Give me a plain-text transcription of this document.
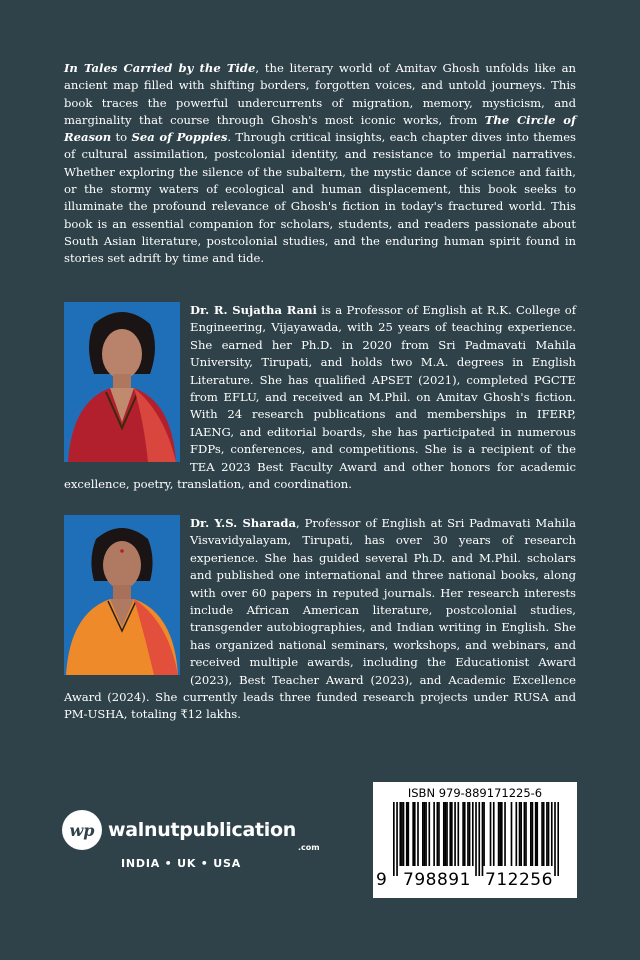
In Tales Carried by the Tide, the literary world of Amitav Ghosh unfolds like an ancient map filled with shifting borders, forgotten voices, and untold journeys. This book traces the powerful undercurrents of migration, memory, mysticism, and marginality that course through Ghosh's most iconic works, from The Circle of Reason to Sea of Poppies. Through critical insights, each chapter dives into themes of cultural assimilation, postcolonial identity, and resistance to imperial narratives. Whether exploring the silence of the subaltern, the mystic dance of science and faith, or the stormy waters of ecological and human displacement, this book seeks to illuminate the profound relevance of Ghosh's fiction in today's fractured world. This book is an essential companion for scholars, students, and readers passionate about South Asian literature, postcolonial studies, and the enduring human spirit found in stories set adrift by time and tide.

Dr. R. Sujatha Rani is a Professor of English at R.K. College of Engineering, Vijayawada, with 25 years of teaching experience. She earned her Ph.D. in 2020 from Sri Padmavati Mahila University, Tirupati, and holds two M.A. degrees in English Literature. She has qualified APSET (2021), completed PGCTE from EFLU, and received an M.Phil. on Amitav Ghosh's fiction. With 24 research publications and memberships in IFERP, IAENG, and editorial boards, she has participated in numerous FDPs, conferences, and competitions. She is a recipient of the TEA 2023 Best Faculty Award and other honors for academic excellence, poetry, translation, and coordination.
Dr. Y.S. Sharada, Professor of English at Sri Padmavati Mahila Visvavidyalayam, Tirupati, has over 30 years of research experience. She has guided several Ph.D. and M.Phil. scholars and published one international and three national books, along with over 60 papers in reputed journals. Her research interests include African American literature, postcolonial studies, transgender autobiographies, and Indian writing in English. She has organized national seminars, workshops, and webinars, and received multiple awards, including the Educationist Award (2023), Best Teacher Award (2023), and Academic Excellence Award (2024). She currently leads three funded research projects under RUSA and PM-USHA, totaling ₹12 lakhs.
wp walnutpublication
.com
INDIA • UK • USA
ISBN 979-889171225-6
9 798891 712256
